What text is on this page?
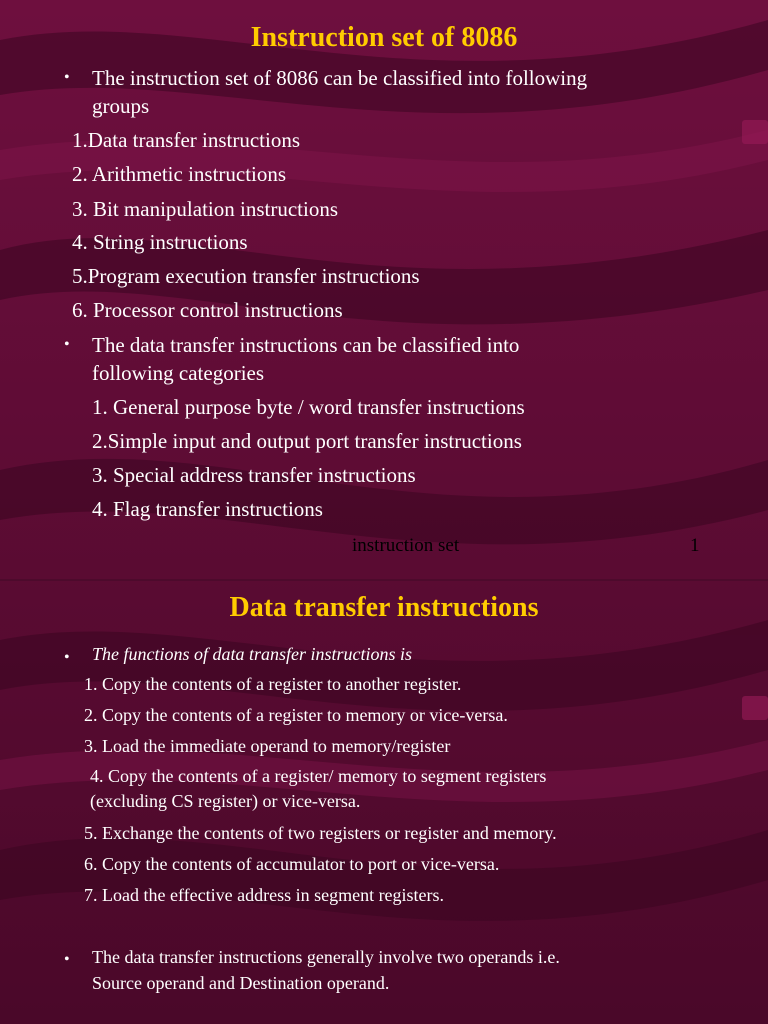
Instruction set of 8086
• The instruction set of 8086 can be classified into following

groups

1.Data transfer instructions

2. Arithmetic instructions

3. Bit manipulation instructions

4. String instructions

5.Program execution transfer instructions

6. Processor control instructions

• The data transfer instructions can be classified into

following categories

1. General purpose byte / word transfer instructions

2.Simple input and output port transfer instructions

3. Special address transfer instructions

4. Flag transfer instructions

instruction set	1
Data transfer instructions
• The functions of data transfer instructions is

1. Copy the contents of a register to another register.

2. Copy the contents of a register to memory or vice-versa.

3. Load the immediate operand to memory/register

4. Copy the contents of a register/ memory to segment registers

(excluding CS register) or vice-versa.

5. Exchange the contents of two registers or register and memory.

6. Copy the contents of accumulator to port or vice-versa.

7. Load the effective address in segment registers.

• The data transfer instructions generally involve two operands i.e.

Source operand and Destination operand.
